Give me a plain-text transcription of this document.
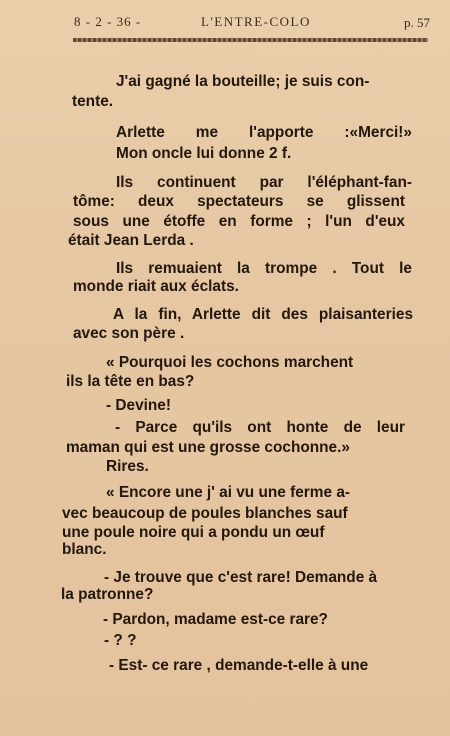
8 - 2 - 36 -	L'ENTRE-COLO	p. 57
J'ai gagné la bouteille; je suis con-
tente.
Arlette me l'apporte :«Merci!»
Mon oncle lui donne 2 f.
Ils continuent par l'éléphant-fan-
tôme: deux spectateurs se glissent
sous une étoffe en forme ; l'un d'eux
était Jean Lerda .
Ils remuaient la trompe . Tout le
monde riait aux éclats.
A la fin, Arlette dit des plaisanteries
avec son père .
« Pourquoi les cochons marchent
ils la tête en bas?
- Devine!
- Parce qu'ils ont honte de leur
maman qui est une grosse cochonne.»
Rires.
« Encore une j' ai vu une ferme a-
vec beaucoup de poules blanches sauf
une poule noire qui a pondu un œuf
blanc.
- Je trouve que c'est rare! Demande à
la patronne?
- Pardon, madame est-ce rare?
- ? ?
- Est- ce rare , demande-t-elle à une
